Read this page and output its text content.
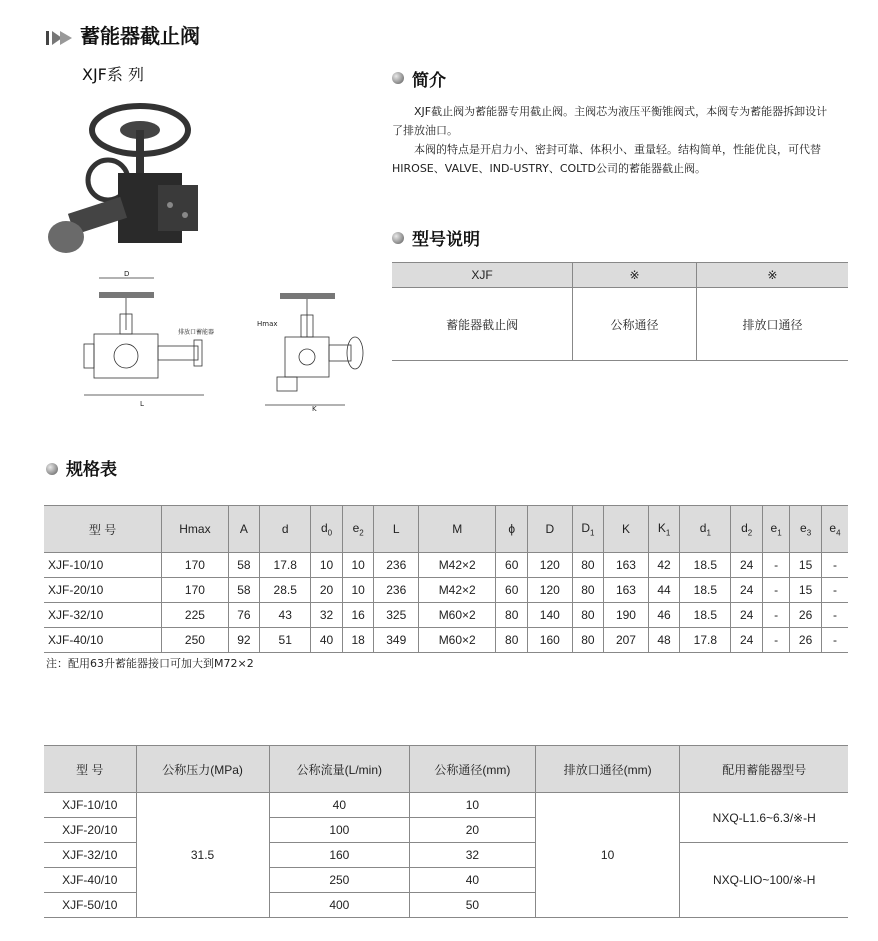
蓄能器截止阀
XJF系 列
D
L
排放口蓄能器
Hmax
K
简介

XJF截止阀为蓄能器专用截止阀。主阀芯为液压平衡锥阀式，本阀专为蓄能器拆卸设计了排放油口。

本阀的特点是开启力小、密封可靠、体积小、重量轻。结构简单，性能优良，可代替HIROSE、VALVE、IND-USTRY、COLTD公司的蓄能器截止阀。

型号说明
XJF	※	※
蓄能器截止阀	公称通径	排放口通径
规格表
型 号	Hmax	A	d	$d_0$	$e_2$	L	M	ϕ	D	$D_1$	K	$K_1$	$d_1$	$d_2$	$e_1$	$e_3$	$e_4$
XJF-10/10	170	58	17.8	10	10	236	M42×2	60	120	80	163	42	18.5	24	-	15	-
XJF-20/10	170	58	28.5	20	10	236	M42×2	60	120	80	163	44	18.5	24	-	15	-
XJF-32/10	225	76	43	32	16	325	M60×2	80	140	80	190	46	18.5	24	-	26	-
XJF-40/10	250	92	51	40	18	349	M60×2	80	160	80	207	48	17.8	24	-	26	-
注：配用63升蓄能器接口可加大到M72×2
型 号	公称压力(MPa)	公称流量(L/min)	公称通径(mm)	排放口通径(mm)	配用蓄能器型号
XJF-10/10	31.5	40	10	10	NXQ-L1.6~6.3/※-H
XJF-20/10		100	20		
XJF-32/10		160	32		NXQ-LIO~100/※-H
XJF-40/10		250	40		
XJF-50/10		400	50		
